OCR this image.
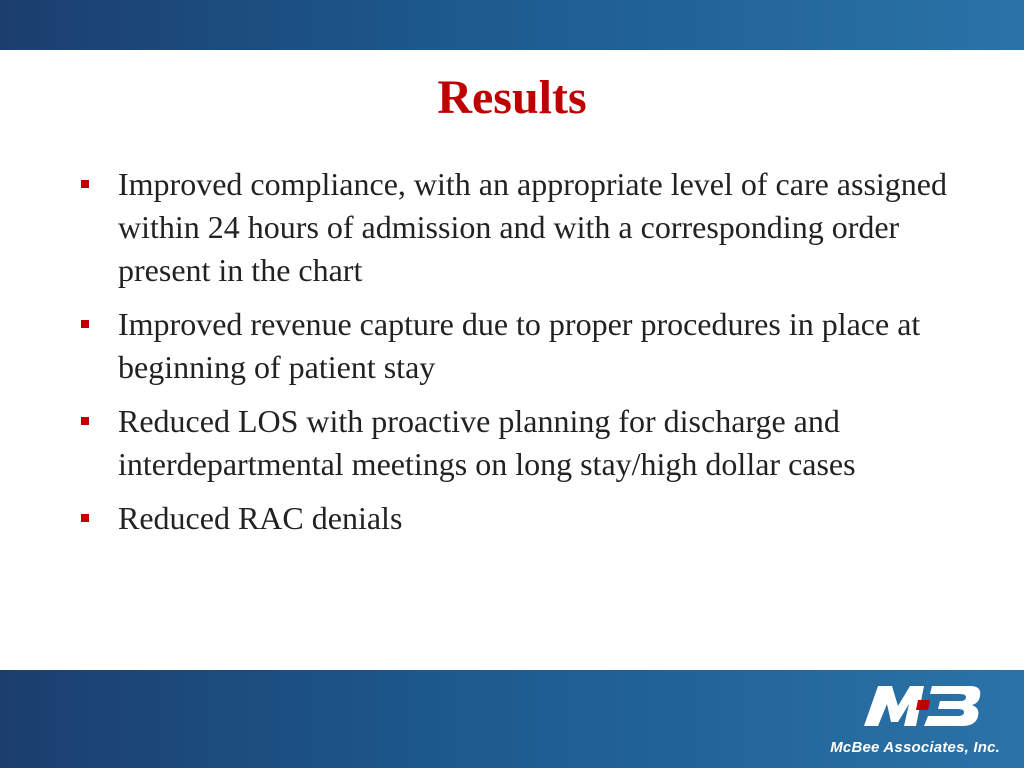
Results
Improved compliance, with an appropriate level of care assigned within 24 hours of admission and with a corresponding order present in the chart
Improved revenue capture due to proper procedures in place at beginning of patient stay
Reduced LOS with proactive planning for discharge and interdepartmental meetings on long stay/high dollar cases
Reduced RAC denials
McBee Associates, Inc.
